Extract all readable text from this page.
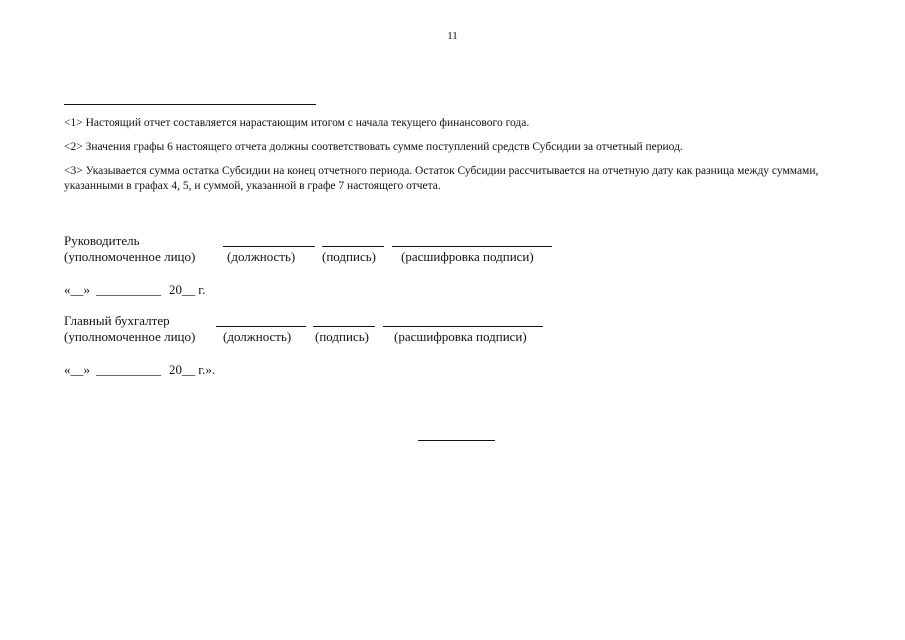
11
<1> Настоящий отчет составляется нарастающим итогом с начала текущего финансового года.
<2> Значения графы 6 настоящего отчета должны соответствовать сумме поступлений средств Субсидии за отчетный период.
<3> Указывается сумма остатка Субсидии на конец отчетного периода. Остаток Субсидии рассчитывается на отчетную дату как разница между суммами, указанными в графах 4, 5, и суммой, указанной в графе 7 настоящего отчета.
Руководитель
(уполномоченное лицо) (должность) (подпись) (расшифровка подписи)
«__» __________ 20__ г.
Главный бухгалтер
(уполномоченное лицо) (должность) (подпись) (расшифровка подписи)
«__» __________ 20__ г.».
